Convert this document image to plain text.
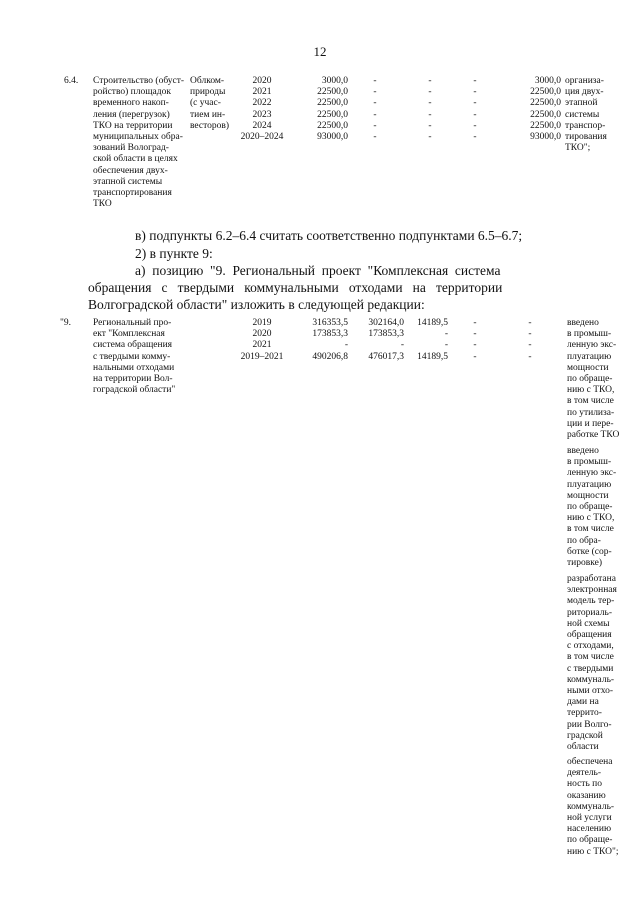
12
6.4. Строительство (обуст-
ройство) площадок
временного накоп-
ления (перегрузок)
ТКО на территории
муниципальных обра-
зований Волоград-
ской области в целях
обеспечения двух-
этапной системы
транспортирования
ТКО
Облком-
природы
(с учас-
тием ин-
весторов)
2020
2021
2022
2023
2024
2020–2024
3000,0
22500,0
22500,0
22500,0
22500,0
93000,0
-
-
-
-
-
-
-
-
-
-
-
-
-
-
-
-
-
-
3000,0
22500,0
22500,0
22500,0
22500,0
93000,0
организа-
ция двух-
этапной
системы
транспор-
тирования
ТКО";
в) подпункты 6.2–6.4 считать соответственно подпунктами 6.5–6.7;
2) в пункте 9:
а)  позицию  "9.  Региональный  проект  "Комплексная  система
обращения   с   твердыми   коммунальными   отходами   на   территории
Волгоградской области" изложить в следующей редакции:
"9. Региональный про-
ект "Комплексная
система обращения
с твердыми комму-
нальными отходами
на территории Вол-
гоградской области"
2019
2020
2021
2019–2021
316353,5
173853,3
-
490206,8
302164,0
173853,3
-
476017,3
14189,5
-
-
14189,5
-
-
-
-
-
-
-
-
введено
в промыш-
ленную экс-
плуатацию
мощности
по обраще-
нию с ТКО,
в том числе
по утилиза-
ции и пере-
работке ТКО
введено
в промыш-
ленную экс-
плуатацию
мощности
по обраще-
нию с ТКО,
в том числе
по обра-
ботке (сор-
тировке)
разработана
электронная
модель тер-
риториаль-
ной схемы
обращения
с отходами,
в том числе
с твердыми
коммуналь-
ными отхо-
дами на
террито-
рии Волго-
градской
области
обеспечена
деятель-
ность по
оказанию
коммуналь-
ной услуги
населению
по обраще-
нию с ТКО";
